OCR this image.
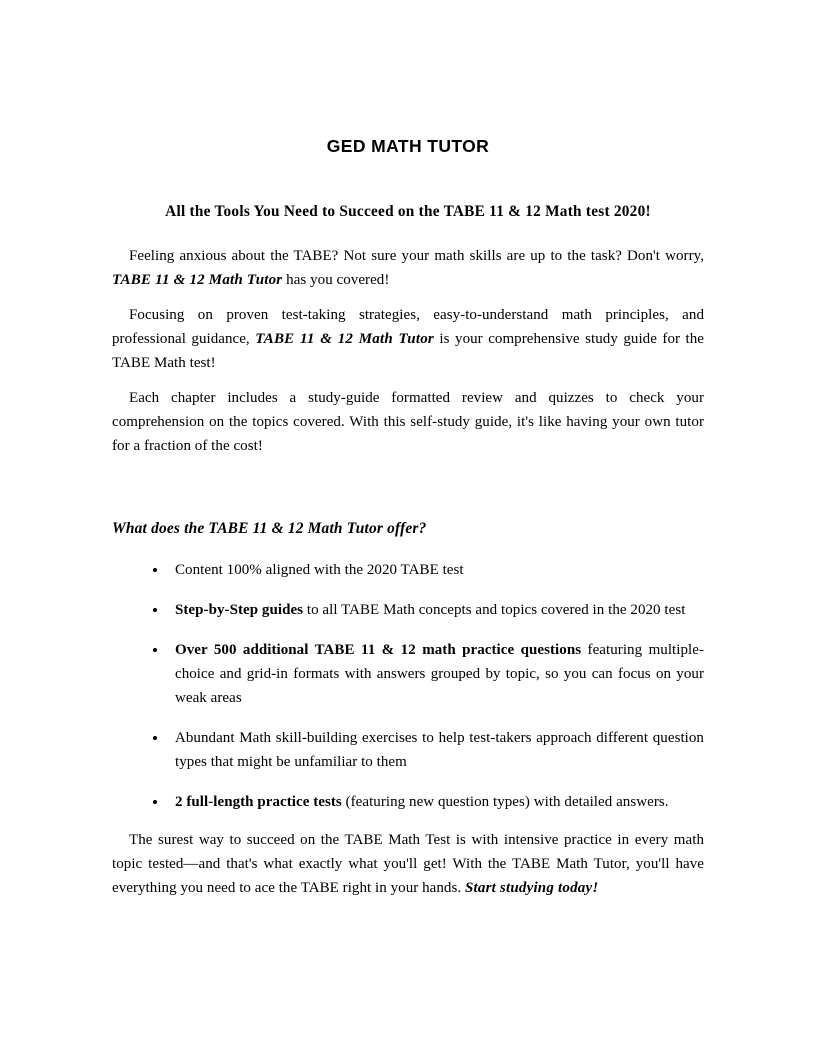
GED MATH TUTOR
All the Tools You Need to Succeed on the TABE 11 & 12 Math test 2020!

Feeling anxious about the TABE? Not sure your math skills are up to the task? Don't worry, TABE 11 & 12 Math Tutor has you covered!

Focusing on proven test-taking strategies, easy-to-understand math principles, and professional guidance, TABE 11 & 12 Math Tutor is your comprehensive study guide for the TABE Math test!

Each chapter includes a study-guide formatted review and quizzes to check your comprehension on the topics covered. With this self-study guide, it's like having your own tutor for a fraction of the cost!

What does the TABE 11 & 12 Math Tutor offer?

Content 100% aligned with the 2020 TABE test
Step-by-Step guides to all TABE Math concepts and topics covered in the 2020 test
Over 500 additional TABE 11 & 12 math practice questions featuring multiple-choice and grid-in formats with answers grouped by topic, so you can focus on your weak areas
Abundant Math skill-building exercises to help test-takers approach different question types that might be unfamiliar to them
2 full-length practice tests (featuring new question types) with detailed answers.

The surest way to succeed on the TABE Math Test is with intensive practice in every math topic tested—and that's what exactly what you'll get! With the TABE Math Tutor, you'll have everything you need to ace the TABE right in your hands. Start studying today!
